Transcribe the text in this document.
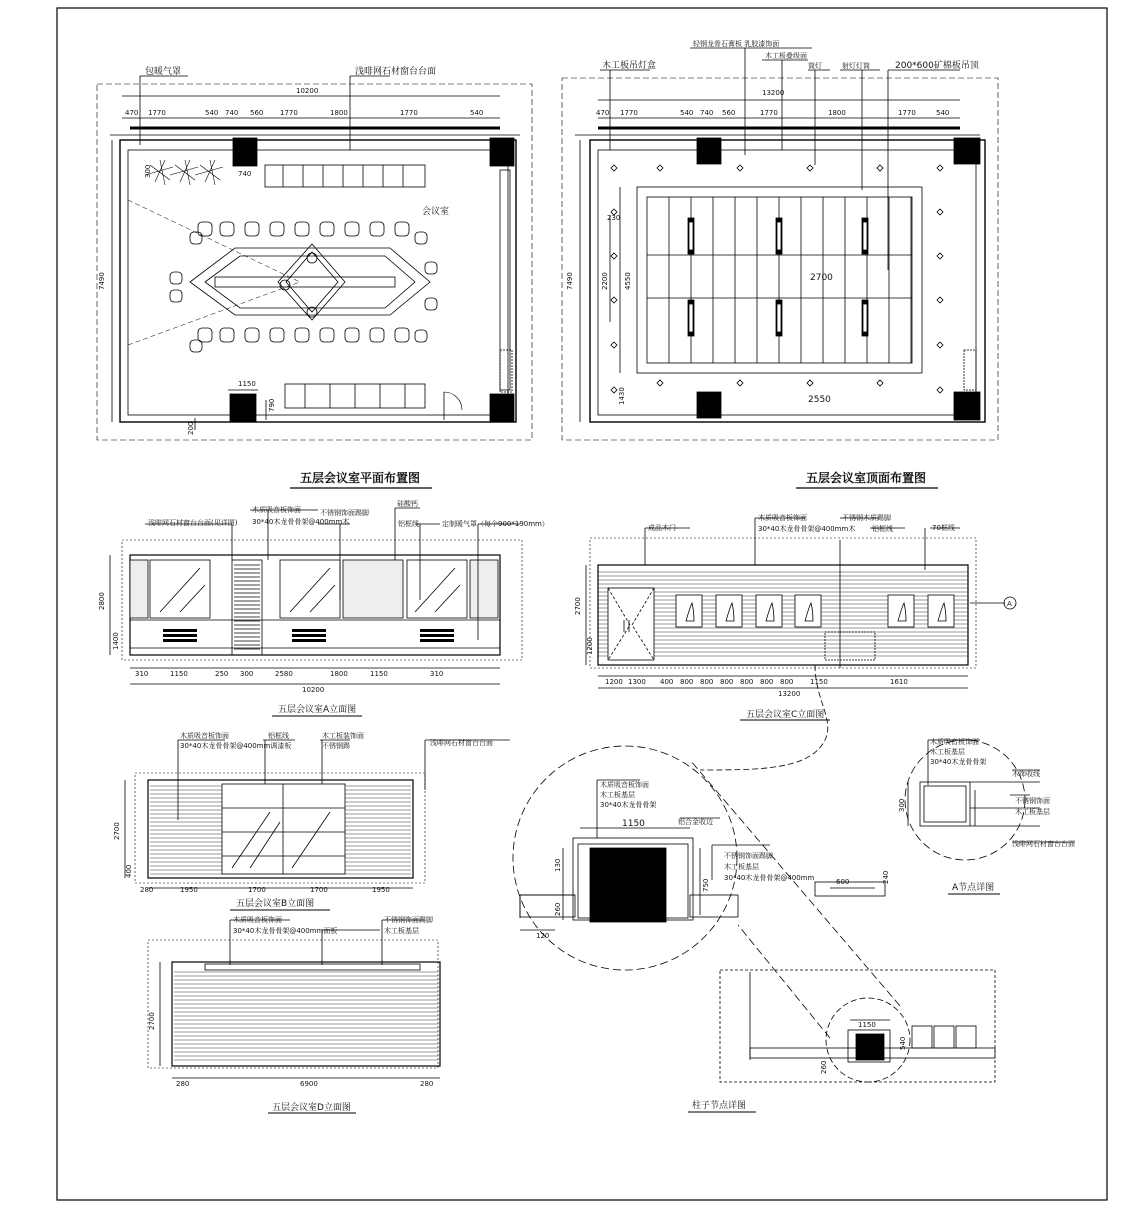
包暖气罩	浅啡网石材窗台台面
会议室
10200
470 1770	540 740 560 1770	1800	1770	540
7490
1150
740
300
790
200
五层会议室平面布置图
木工板吊灯盒
轻钢龙骨石膏板 乳胶漆饰面
木工板叠级面
筒灯	射灯灯筒	200*600矿棉板吊顶
13200
470 1770	540 740 560	1770	1800	1770	540
7490	4550
2200
230
1430
2700
2550
五层会议室顶面布置图
浅啡网石材窗台台面(见详图)
木质吸音板饰面
30*40木龙骨骨架@400mm木
不锈钢饰面踢脚
硅酸钙
铝框线	定制暖气罩（每个900*190mm）
310	1150	250 300	2580	1800	1150	310
10200
2800
1400
五层会议室A立面图
成品木门
木质吸音板饰面
30*40木龙骨骨架@400mm木
不锈钢木质踢脚
铝框线	70框线
1200 1300 400 800 800 800 800 800 800 1150	1610
13200
2700
1200
A
五层会议室C立面图
木质吸音板饰面
30*40木龙骨骨架@400mm调漆板
铝框线	木工板装饰面
不锈钢踢	浅啡网石材窗台台面
1950	1700	1700	1950
280
2700
400
五层会议室B立面图
木质吸音板饰面
30*40木龙骨骨架@400mm面板
不锈钢饰面踢脚
木工板基层
6900
280	280
2700
五层会议室D立面图
木质吸音板饰面
木工板基层
30*40木龙骨骨架
铝合金收边
不锈钢饰面踢脚
木工板基层
30*40木龙骨骨架@400mm
1150
130
750
260
120
600	240
1150
540
260
柱子节点详图
木质吸音板饰面
木工板基层
30*40木龙骨骨架
木饰收线
不锈钢饰面
木工板基层
浅啡网石材窗台台面
300
A节点详图
